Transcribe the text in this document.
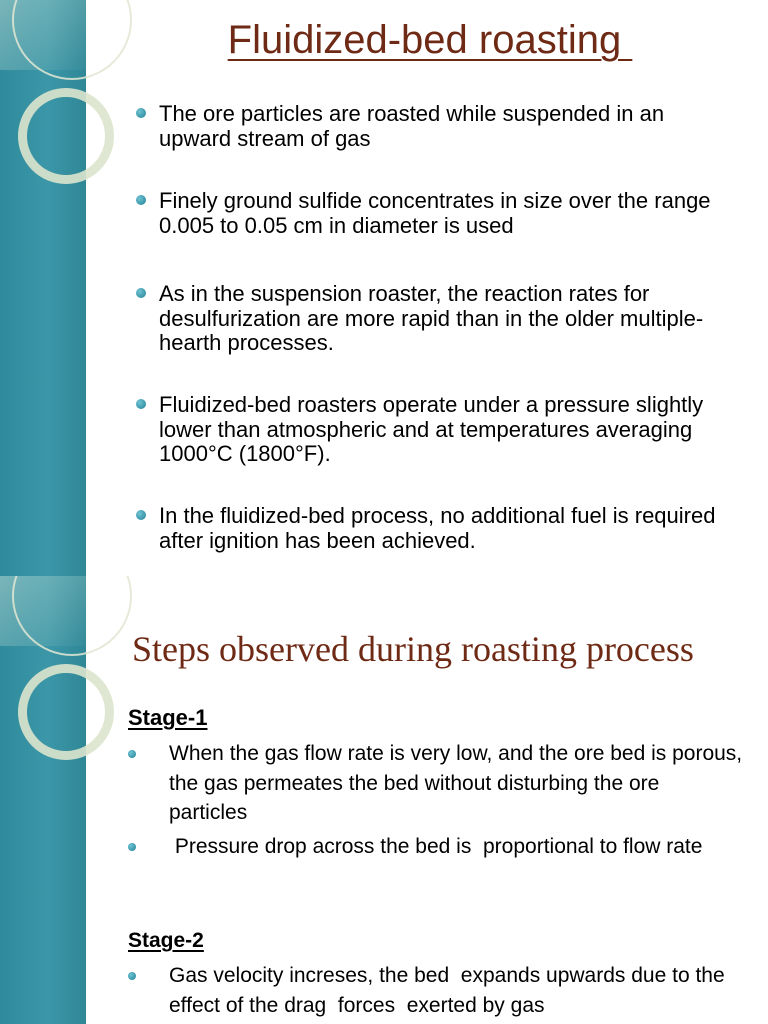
Fluidized-bed roasting
The ore particles are roasted while suspended in an upward stream of gas
Finely ground sulfide concentrates in size over the range 0.005 to 0.05 cm in diameter is used
As in the suspension roaster, the reaction rates for desulfurization are more rapid than in the older multiple-hearth processes.
Fluidized-bed roasters operate under a pressure slightly lower than atmospheric and at temperatures averaging 1000°C (1800°F).
In the fluidized-bed process, no additional fuel is required after ignition has been achieved.
Steps observed during roasting process
Stage-1
When the gas flow rate is very low, and the ore bed is porous, the gas permeates the bed without disturbing the ore particles
Pressure drop across the bed is  proportional to flow rate
Stage-2
Gas velocity increses, the bed  expands upwards due to the effect of the drag  forces  exerted by gas
